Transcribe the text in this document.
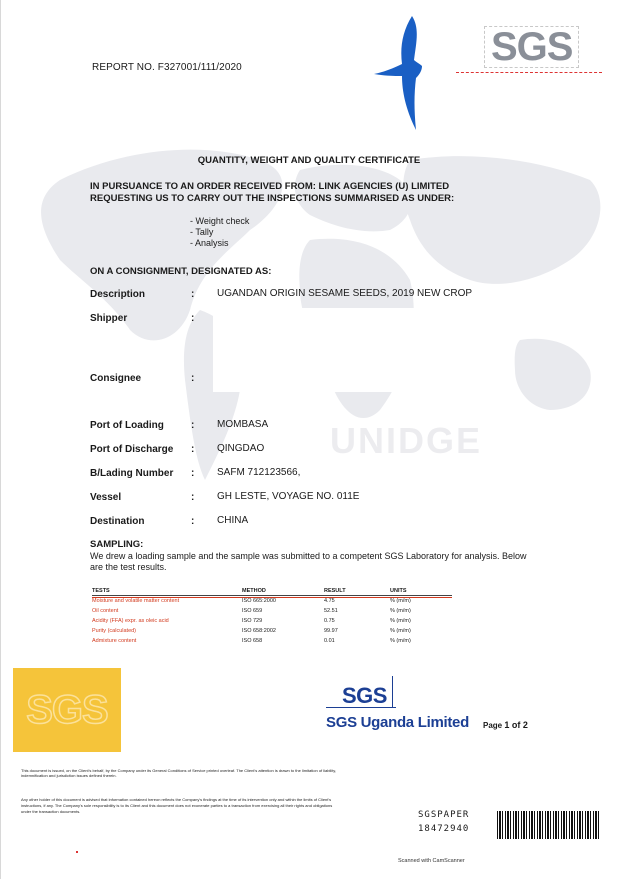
REPORT NO. F327001/111/2020	SGS
QUANTITY, WEIGHT AND QUALITY CERTIFICATE
IN PURSUANCE TO AN ORDER RECEIVED FROM: LINK AGENCIES (U) LIMITED
REQUESTING US TO CARRY OUT THE INSPECTIONS SUMMARISED AS UNDER:
- Weight check
- Tally
- Analysis
ON A CONSIGNMENT, DESIGNATED AS:
Description	: UGANDAN ORIGIN SESAME SEEDS, 2019 NEW CROP
Shipper	:
Consignee	:
UNIDGE
Port of Loading	: MOMBASA
Port of Discharge : QINGDAO
B/Lading Number : SAFM 712123566,
Vessel	: GH LESTE, VOYAGE NO. 011E
Destination	: CHINA
SAMPLING:
We drew a loading sample and the sample was submitted to a competent SGS Laboratory for analysis. Below are the test results.
TESTS	METHOD	RESULT	UNITS
Moisture and volatile matter content	ISO 665:2000	4.75	% (m/m)
Oil content	ISO 659	52.51	% (m/m)
Acidity (FFA) expr. as oleic acid	ISO 729	0.75	% (m/m)
Purity (calculated)	ISO 658:2002	99.97	% (m/m)
Admixture content	ISO 658	0.01	% (m/m)
SGS	SGS
SGS Uganda Limited Page 1 of 2
This document is issued, on the Client's behalf, by the Company under its General Conditions of Service printed overleaf. The Client's attention is drawn to the limitation of liability, indemnification and jurisdiction issues defined therein.
Any other holder of this document is advised that information contained hereon reflects the Company's findings at the time of its intervention only and within the limits of Client's instructions, if any. The Company's sole responsibility is to its Client and this document does not exonerate parties to a transaction from exercising all their rights and obligations under the transaction documents.	SGSPAPER
18472940
Scanned with CamScanner
